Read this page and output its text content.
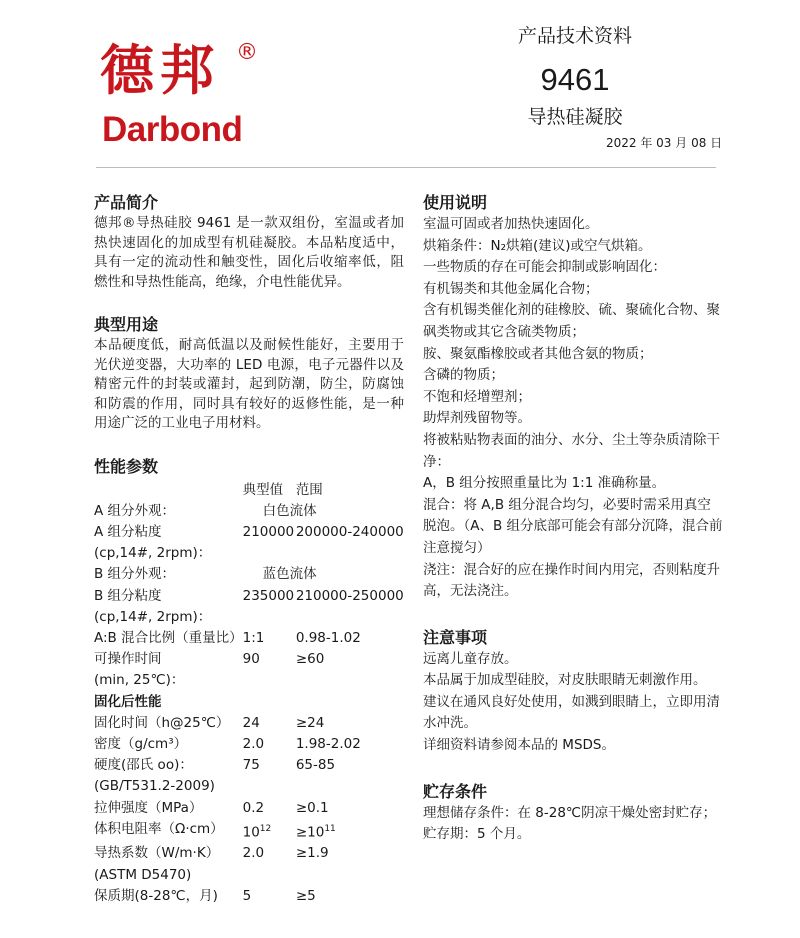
德邦 ®
Darbond
产品技术资料
9461
导热硅凝胶
2022 年 03 月 08 日

产品简介

德邦®导热硅胶 9461 是一款双组份，室温或者加热快速固化的加成型有机硅凝胶。本品粘度适中，具有一定的流动性和触变性，固化后收缩率低，阻燃性和导热性能高，绝缘，介电性能优异。

典型用途

本品硬度低，耐高低温以及耐候性能好，主要用于光伏逆变器，大功率的 LED 电源，电子元器件以及精密元件的封装或灌封，起到防潮，防尘，防腐蚀和防震的作用，同时具有较好的返修性能，是一种用途广泛的工业电子用材料。

性能参数

	典型值	范围
A 组分外观：	白色流体	
A 组分粘度	210000	200000-240000
(cp,14#, 2rpm)：		
B 组分外观：	蓝色流体	
B 组分粘度	235000	210000-250000
(cp,14#, 2rpm)：		
A:B 混合比例（重量比）	1:1	0.98-1.02
可操作时间	90	≥60
(min, 25℃)：		
固化后性能		
固化时间（h@25℃）	24	≥24
密度（g/cm³）	2.0	1.98-2.02
硬度(邵氏 oo)：	75	65-85
(GB/T531.2-2009)		
拉伸强度（MPa）	0.2	≥0.1
体积电阻率（Ω·cm）	$10^{12}$	$\ge 10^{11}$
导热系数（W/m·K）	2.0	≥1.9
(ASTM D5470)		
保质期(8-28℃，月)	5	≥5

使用说明

室温可固或者加热快速固化。
烘箱条件：N₂烘箱(建议)或空气烘箱。
一些物质的存在可能会抑制或影响固化：
有机锡类和其他金属化合物；
含有机锡类催化剂的硅橡胶、硫、聚硫化合物、聚砜类物或其它含硫类物质；
胺、聚氨酯橡胶或者其他含氨的物质；
含磷的物质；
不饱和烃增塑剂；
助焊剂残留物等。
将被粘贴物表面的油分、水分、尘土等杂质清除干净：
A，B 组分按照重量比为 1:1 准确称量。
混合：将 A,B 组分混合均匀，必要时需采用真空脱泡。（A、B 组分底部可能会有部分沉降，混合前注意搅匀）
浇注：混合好的应在操作时间内用完，否则粘度升高，无法浇注。

注意事项

远离儿童存放。
本品属于加成型硅胶，对皮肤眼睛无刺激作用。
建议在通风良好处使用，如溅到眼睛上，立即用清水冲洗。
详细资料请参阅本品的 MSDS。

贮存条件

理想储存条件：在 8-28℃阴凉干燥处密封贮存；
贮存期：5 个月。
